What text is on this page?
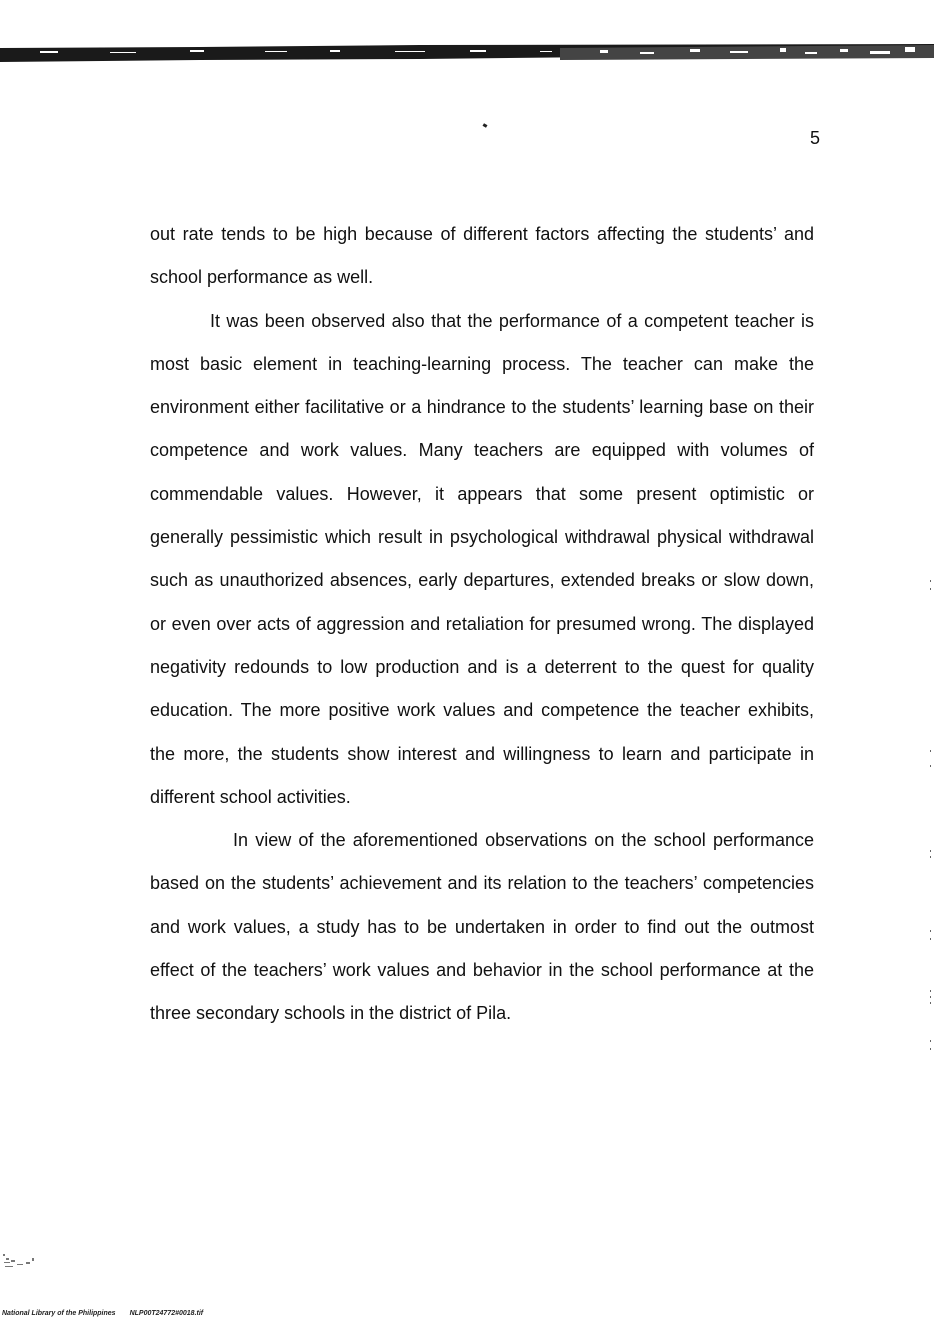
5

out rate tends to be high because of different factors affecting the students’ and school performance as well.

It was been observed also that the performance of a competent teacher is most basic element in teaching-learning process. The teacher can make the environment either facilitative or a hindrance to the students’ learning base on their competence and work values. Many teachers are equipped with volumes of commendable values. However, it appears that some present optimistic or generally pessimistic which result in psychological withdrawal physical withdrawal such as unauthorized absences, early departures, extended breaks or slow down, or even over acts of aggression and retaliation for presumed wrong. The displayed negativity redounds to low production and is a deterrent to the quest for quality education. The more positive work values and competence the teacher exhibits, the more, the students show interest and willingness to learn and participate in different school activities.

In view of the aforementioned observations on the school performance based on the students’ achievement and its relation to the teachers’ competencies and work values, a study has to be undertaken in order to find out the outmost effect of the teachers’ work values and behavior in the school performance at the three secondary schools in the district of Pila.

National Library of the Philippines NLP00T24772#0018.tif
